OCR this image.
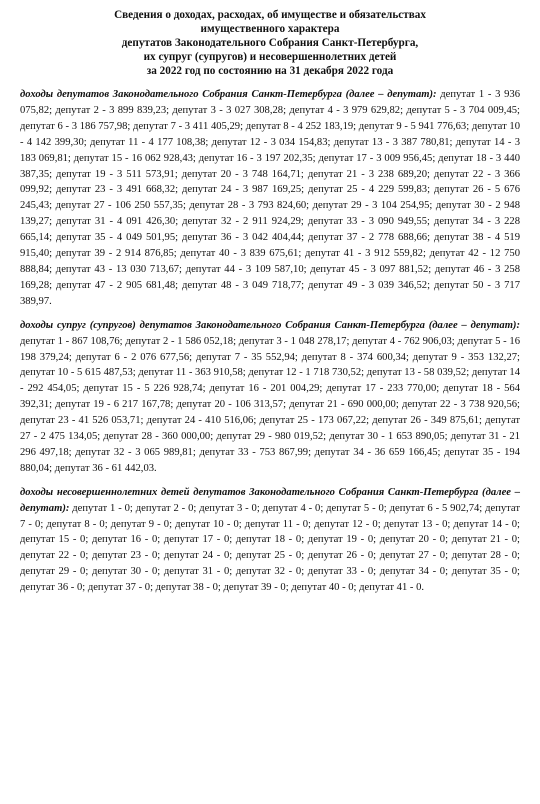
Сведения о доходах, расходах, об имуществе и обязательствах
имущественного характера
депутатов Законодательного Собрания Санкт-Петербурга,
их супруг (супругов) и несовершеннолетних детей
за 2022 год по состоянию на 31 декабря 2022 года

доходы депутатов Законодательного Собрания Санкт-Петербурга (далее – депутат): депутат 1 - 3 936 075,82; депутат 2 - 3 899 839,23; депутат 3 - 3 027 308,28; депутат 4 - 3 979 629,82; депутат 5 - 3 704 009,45; депутат 6 - 3 186 757,98; депутат 7 - 3 411 405,29; депутат 8 - 4 252 183,19; депутат 9 - 5 941 776,63; депутат 10 - 4 142 399,30; депутат 11 - 4 177 108,38; депутат 12 - 3 034 154,83; депутат 13 - 3 387 780,81; депутат 14 - 3 183 069,81; депутат 15 - 16 062 928,43; депутат 16 - 3 197 202,35; депутат 17 - 3 009 956,45; депутат 18 - 3 440 387,35; депутат 19 - 3 511 573,91; депутат 20 - 3 748 164,71; депутат 21 - 3 238 689,20; депутат 22 - 3 366 099,92; депутат 23 - 3 491 668,32; депутат 24 - 3 987 169,25; депутат 25 - 4 229 599,83; депутат 26 - 5 676 245,43; депутат 27 - 106 250 557,35; депутат 28 - 3 793 824,60; депутат 29 - 3 104 254,95; депутат 30 - 2 948 139,27; депутат 31 - 4 091 426,30; депутат 32 - 2 911 924,29; депутат 33 - 3 090 949,55; депутат 34 - 3 228 665,14; депутат 35 - 4 049 501,95; депутат 36 - 3 042 404,44; депутат 37 - 2 778 688,66; депутат 38 - 4 519 915,40; депутат 39 - 2 914 876,85; депутат 40 - 3 839 675,61; депутат 41 - 3 912 559,82; депутат 42 - 12 750 888,84; депутат 43 - 13 030 713,67; депутат 44 - 3 109 587,10; депутат 45 - 3 097 881,52; депутат 46 - 3 258 169,28; депутат 47 - 2 905 681,48; депутат 48 - 3 049 718,77; депутат 49 - 3 039 346,52; депутат 50 - 3 717 389,97.

доходы супруг (супругов) депутатов Законодательного Собрания Санкт-Петербурга (далее – депутат): депутат 1 - 867 108,76; депутат 2 - 1 586 052,18; депутат 3 - 1 048 278,17; депутат 4 - 762 906,03; депутат 5 - 16 198 379,24; депутат 6 - 2 076 677,56; депутат 7 - 35 552,94; депутат 8 - 374 600,34; депутат 9 - 353 132,27; депутат 10 - 5 615 487,53; депутат 11 - 363 910,58; депутат 12 - 1 718 730,52; депутат 13 - 58 039,52; депутат 14 - 292 454,05; депутат 15 - 5 226 928,74; депутат 16 - 201 004,29; депутат 17 - 233 770,00; депутат 18 - 564 392,31; депутат 19 - 6 217 167,78; депутат 20 - 106 313,57; депутат 21 - 690 000,00; депутат 22 - 3 738 920,56; депутат 23 - 41 526 053,71; депутат 24 - 410 516,06; депутат 25 - 173 067,22; депутат 26 - 349 875,61; депутат 27 - 2 475 134,05; депутат 28 - 360 000,00; депутат 29 - 980 019,52; депутат 30 - 1 653 890,05; депутат 31 - 21 296 497,18; депутат 32 - 3 065 989,81; депутат 33 - 753 867,99; депутат 34 - 36 659 166,45; депутат 35 - 194 880,04; депутат 36 - 61 442,03.

доходы несовершеннолетних детей депутатов Законодательного Собрания Санкт-Петербурга (далее – депутат): депутат 1 - 0; депутат 2 - 0; депутат 3 - 0; депутат 4 - 0; депутат 5 - 0; депутат 6 - 5 902,74; депутат 7 - 0; депутат 8 - 0; депутат 9 - 0; депутат 10 - 0; депутат 11 - 0; депутат 12 - 0; депутат 13 - 0; депутат 14 - 0; депутат 15 - 0; депутат 16 - 0; депутат 17 - 0; депутат 18 - 0; депутат 19 - 0; депутат 20 - 0; депутат 21 - 0; депутат 22 - 0; депутат 23 - 0; депутат 24 - 0; депутат 25 - 0; депутат 26 - 0; депутат 27 - 0; депутат 28 - 0; депутат 29 - 0; депутат 30 - 0; депутат 31 - 0; депутат 32 - 0; депутат 33 - 0; депутат 34 - 0; депутат 35 - 0; депутат 36 - 0; депутат 37 - 0; депутат 38 - 0; депутат 39 - 0; депутат 40 - 0; депутат 41 - 0.
